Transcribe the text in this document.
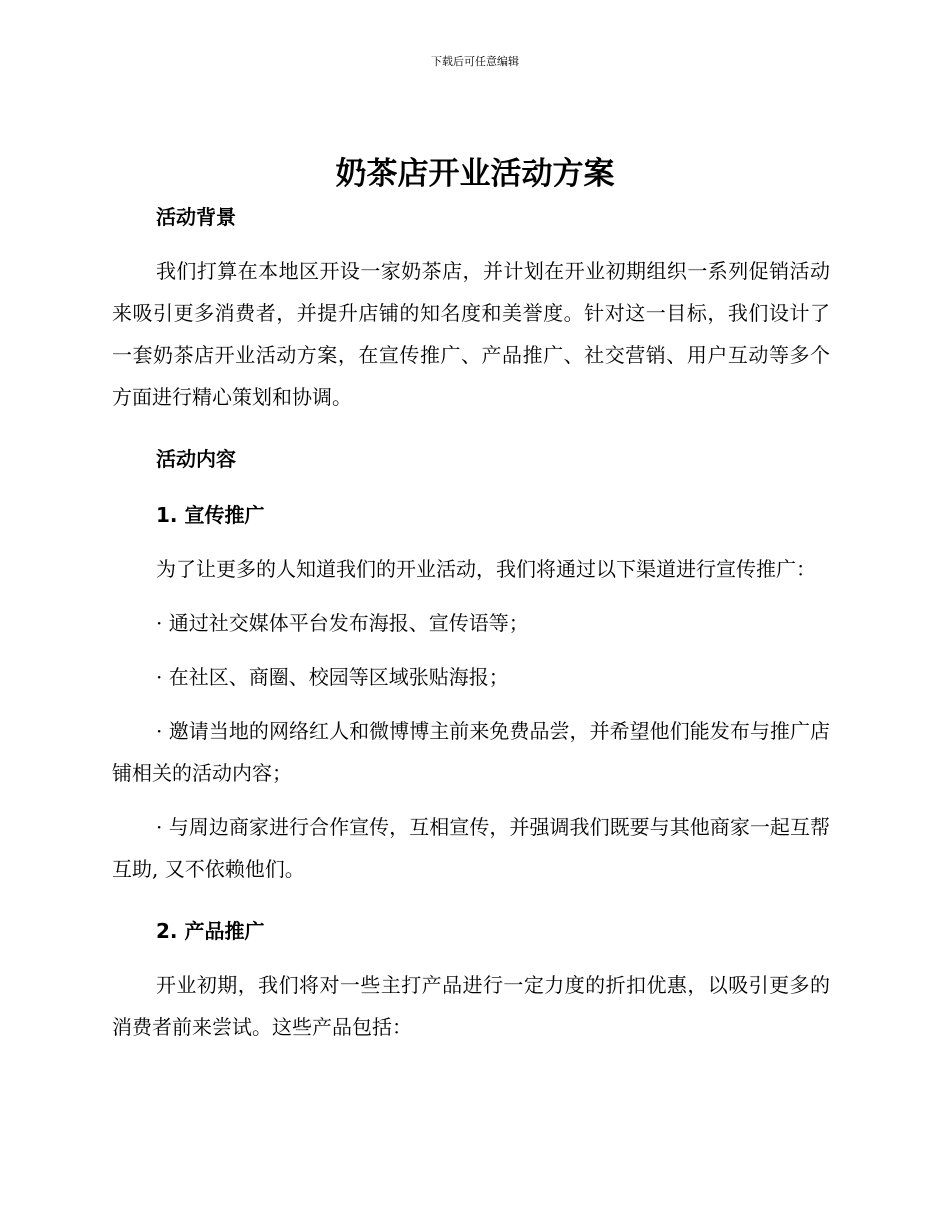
下载后可任意编辑
奶茶店开业活动方案

活动背景

我们打算在本地区开设一家奶茶店，并计划在开业初期组织一系列促销活动来吸引更多消费者，并提升店铺的知名度和美誉度。针对这一目标，我们设计了一套奶茶店开业活动方案，在宣传推广、产品推广、社交营销、用户互动等多个方面进行精心策划和协调。

活动内容

1. 宣传推广

为了让更多的人知道我们的开业活动，我们将通过以下渠道进行宣传推广：

· 通过社交媒体平台发布海报、宣传语等；

· 在社区、商圈、校园等区域张贴海报；

· 邀请当地的网络红人和微博博主前来免费品尝，并希望他们能发布与推广店铺相关的活动内容；

· 与周边商家进行合作宣传，互相宣传，并强调我们既要与其他商家一起互帮互助, 又不依赖他们。

2. 产品推广

开业初期，我们将对一些主打产品进行一定力度的折扣优惠，以吸引更多的消费者前来尝试。这些产品包括：
